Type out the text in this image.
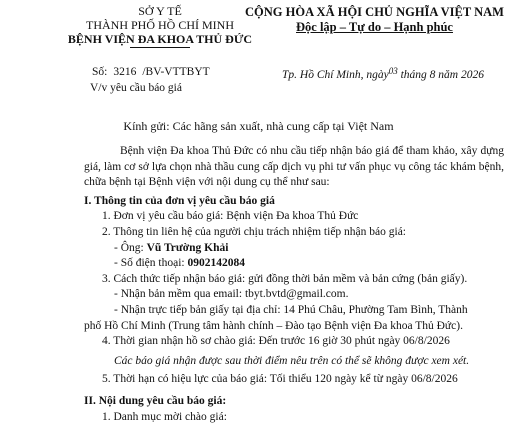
SỞ Y TẾ
THÀNH PHỐ HỒ CHÍ MINH
BỆNH VIỆN ĐA KHOA THỦ ĐỨC
CỘNG HÒA XÃ HỘI CHỦ NGHĨA VIỆT NAM
Độc lập – Tự do – Hạnh phúc
Số: 3216 /BV-VTTBYT
V/v yêu cầu báo giá
Tp. Hồ Chí Minh, ngày$^{03}$ tháng 8 năm 2026
Kính gửi: Các hãng sản xuất, nhà cung cấp tại Việt Nam

Bệnh viện Đa khoa Thủ Đức có nhu cầu tiếp nhận báo giá để tham khảo, xây dựng giá, làm cơ sở lựa chọn nhà thầu cung cấp dịch vụ phi tư vấn phục vụ công tác khám bệnh, chữa bệnh tại Bệnh viện với nội dung cụ thể như sau:

I. Thông tin của đơn vị yêu cầu báo giá

1. Đơn vị yêu cầu báo giá: Bệnh viện Đa khoa Thủ Đức

2. Thông tin liên hệ của người chịu trách nhiệm tiếp nhận báo giá:

- Ông: Vũ Trường Khải

- Số điện thoại: 0902142084

3. Cách thức tiếp nhận báo giá: gửi đồng thời bản mềm và bản cứng (bản giấy).

- Nhận bản mềm qua email: tbyt.bvtd@gmail.com.

- Nhận trực tiếp bản giấy tại địa chỉ: 14 Phú Châu, Phường Tam Bình, Thành

phố Hồ Chí Minh (Trung tâm hành chính – Đào tạo Bệnh viện Đa khoa Thủ Đức).

4. Thời gian nhận hồ sơ chào giá: Đến trước 16 giờ 30 phút ngày 06/8/2026

Các báo giá nhận được sau thời điểm nêu trên có thể sẽ không được xem xét.

5. Thời hạn có hiệu lực của báo giá: Tối thiểu 120 ngày kể từ ngày 06/8/2026

II. Nội dung yêu cầu báo giá:

1. Danh mục mời chào giá:
